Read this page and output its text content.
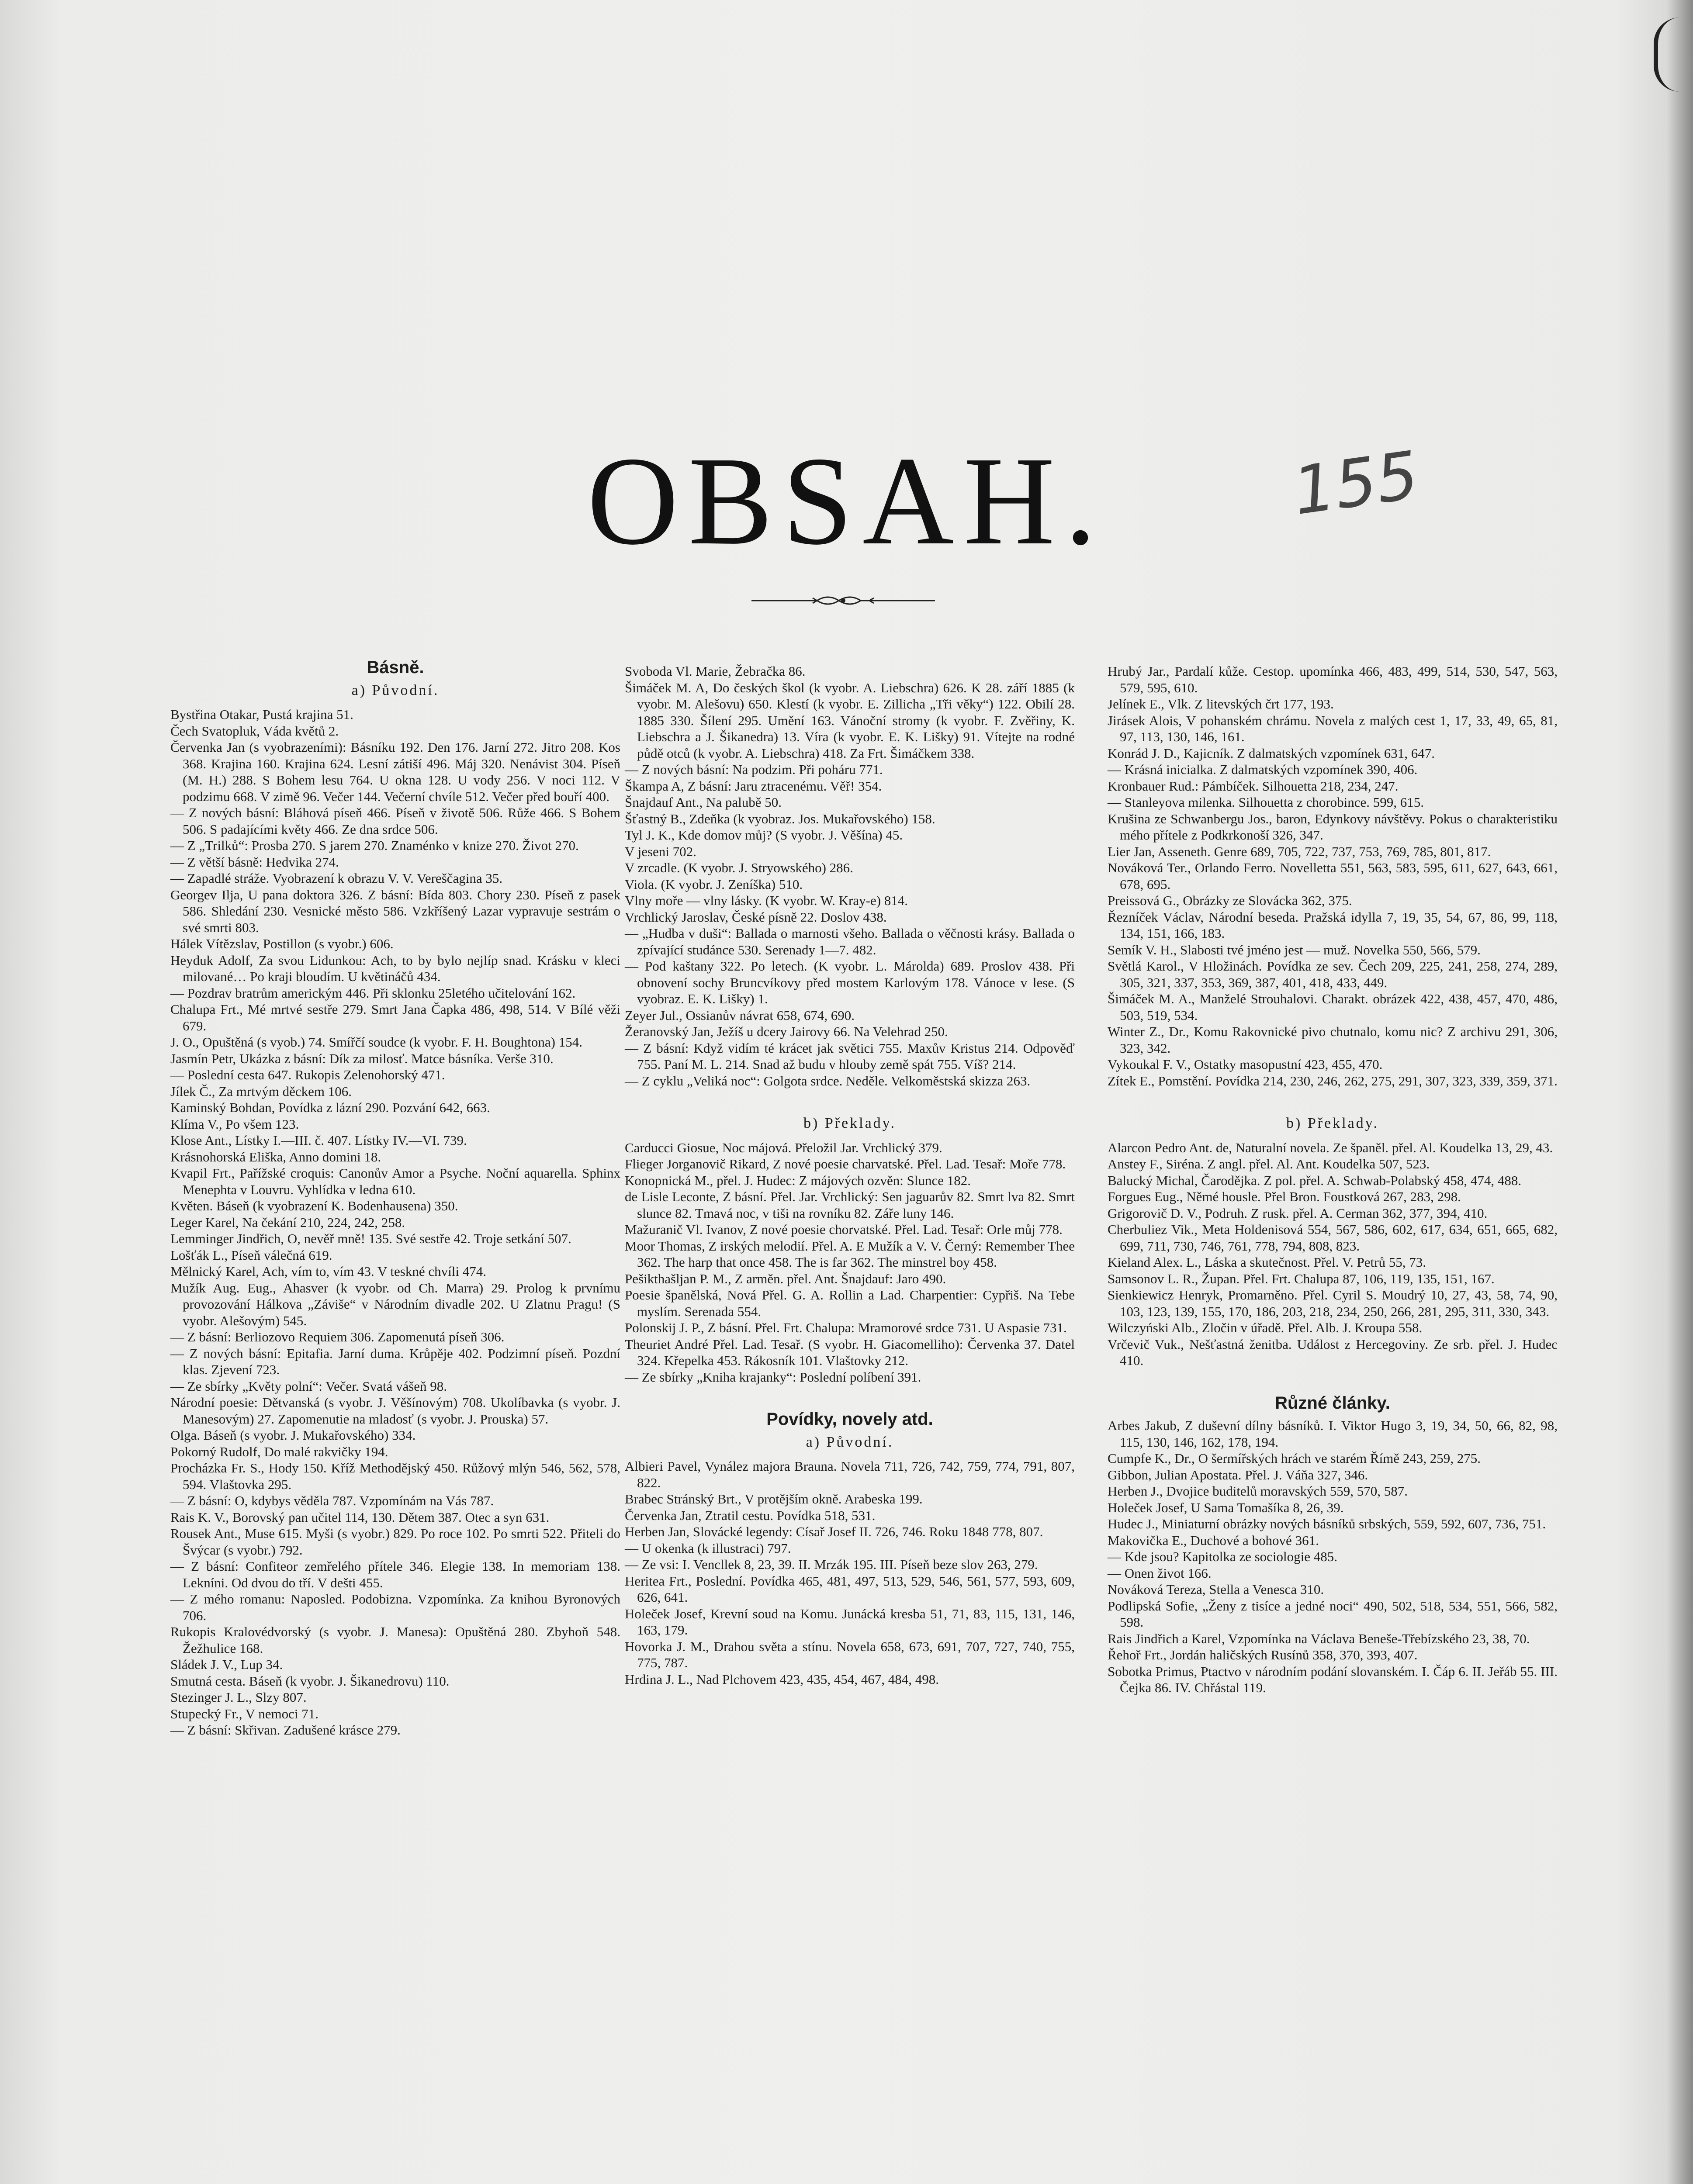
OBSAH.	155
Básně.
a) Původní.

Bystřina Otakar, Pustá krajina 51.

Čech Svatopluk, Váda květů 2.

Červenka Jan (s vyobrazeními): Básníku 192. Den 176. Jarní 272. Jitro 208. Kos 368. Krajina 160. Krajina 624. Lesní zátiší 496. Máj 320. Nenávist 304. Píseň (M. H.) 288. S Bohem lesu 764. U okna 128. U vody 256. V noci 112. V podzimu 668. V zimě 96. Večer 144. Večerní chvíle 512. Večer před bouří 400.

— Z nových básní: Bláhová píseň 466. Píseň v životě 506. Růže 466. S Bohem 506. S padajícími květy 466. Ze dna srdce 506.

— Z „Trilků“: Prosba 270. S jarem 270. Znaménko v knize 270. Život 270.

— Z větší básně: Hedvika 274.

— Zapadlé stráže. Vyobrazení k obrazu V. V. Vereščagina 35.

Georgev Ilja, U pana doktora 326. Z básní: Bída 803. Chory 230. Píseň z pasek 586. Shledání 230. Vesnické město 586. Vzkříšený Lazar vypravuje sestrám o své smrti 803.

Hálek Vítězslav, Postillon (s vyobr.) 606.

Heyduk Adolf, Za svou Lidunkou: Ach, to by bylo nejlíp snad. Krásku v kleci milované… Po kraji bloudím. U květináčů 434.

— Pozdrav bratrům americkým 446. Při sklonku 25letého učitelování 162.

Chalupa Frt., Mé mrtvé sestře 279. Smrt Jana Čapka 486, 498, 514. V Bílé věži 679.

J. O., Opuštěná (s vyob.) 74. Smířčí soudce (k vyobr. F. H. Boughtona) 154.

Jasmín Petr, Ukázka z básní: Dík za milosť. Matce básníka. Verše 310.

— Poslední cesta 647. Rukopis Zelenohorský 471.

Jílek Č., Za mrtvým děckem 106.

Kaminský Bohdan, Povídka z lázní 290. Pozvání 642, 663.

Klíma V., Po všem 123.

Klose Ant., Lístky I.—III. č. 407. Lístky IV.—VI. 739.

Krásnohorská Eliška, Anno domini 18.

Kvapil Frt., Pařížské croquis: Canonův Amor a Psyche. Noční aquarella. Sphinx Menephta v Louvru. Vyhlídka v ledna 610.

Květen. Báseň (k vyobrazení K. Bodenhausena) 350.

Leger Karel, Na čekání 210, 224, 242, 258.

Lemminger Jindřich, O, nevěř mně! 135. Své sestře 42. Troje setkání 507.

Lošťák L., Píseň válečná 619.

Mělnický Karel, Ach, vím to, vím 43. V teskné chvíli 474.

Mužík Aug. Eug., Ahasver (k vyobr. od Ch. Marra) 29. Prolog k prvnímu provozování Hálkova „Záviše“ v Národním divadle 202. U Zlatnu Pragu! (S vyobr. Alešovým) 545.

— Z básní: Berliozovo Requiem 306. Zapomenutá píseň 306.

— Z nových básní: Epitafia. Jarní duma. Krůpěje 402. Podzimní píseň. Pozdní klas. Zjevení 723.

— Ze sbírky „Květy polní“: Večer. Svatá vášeň 98.

Národní poesie: Dětvanská (s vyobr. J. Věšínovým) 708. Ukolíbavka (s vyobr. J. Manesovým) 27. Zapomenutie na mladosť (s vyobr. J. Prouska) 57.

Olga. Báseň (s vyobr. J. Mukařovského) 334.

Pokorný Rudolf, Do malé rakvičky 194.

Procházka Fr. S., Hody 150. Kříž Methodějský 450. Růžový mlýn 546, 562, 578, 594. Vlaštovka 295.

— Z básní: O, kdybys věděla 787. Vzpomínám na Vás 787.

Rais K. V., Borovský pan učitel 114, 130. Dětem 387. Otec a syn 631.

Rousek Ant., Muse 615. Myši (s vyobr.) 829. Po roce 102. Po smrti 522. Přiteli do Švýcar (s vyobr.) 792.

— Z básní: Confiteor zemřelého přítele 346. Elegie 138. In memoriam 138. Lekníni. Od dvou do tří. V dešti 455.

— Z mého romanu: Naposled. Podobizna. Vzpomínka. Za knihou Byronových 706.

Rukopis Kralovédvorský (s vyobr. J. Manesa): Opuštěná 280. Zbyhoň 548. Žežhulice 168.

Sládek J. V., Lup 34.

Smutná cesta. Báseň (k vyobr. J. Šikanedrovu) 110.

Stezinger J. L., Slzy 807.

Stupecký Fr., V nemoci 71.

— Z básní: Skřivan. Zadušené krásce 279.

Svoboda Vl. Marie, Žebračka 86.

Šimáček M. A, Do českých škol (k vyobr. A. Liebschra) 626. K 28. září 1885 (k vyobr. M. Alešovu) 650. Klestí (k vyobr. E. Zillicha „Tři věky“) 122. Obilí 28. 1885 330. Šílení 295. Umění 163. Vánoční stromy (k vyobr. F. Zvěřiny, K. Liebschra a J. Šikanedra) 13. Víra (k vyobr. E. K. Lišky) 91. Vítejte na rodné půdě otců (k vyobr. A. Liebschra) 418. Za Frt. Šimáčkem 338.

— Z nových básní: Na podzim. Při poháru 771.

Škampa A, Z básní: Jaru ztracenému. Věř! 354.

Šnajdauf Ant., Na palubě 50.

Šťastný B., Zdeňka (k vyobraz. Jos. Mukařovského) 158.

Tyl J. K., Kde domov můj? (S vyobr. J. Věšína) 45.

V jeseni 702.

V zrcadle. (K vyobr. J. Stryowského) 286.

Viola. (K vyobr. J. Zeníška) 510.

Vlny moře — vlny lásky. (K vyobr. W. Kray-e) 814.

Vrchlický Jaroslav, České písně 22. Doslov 438.

— „Hudba v duši“: Ballada o marnosti všeho. Ballada o věčnosti krásy. Ballada o zpívající studánce 530. Serenady 1—7. 482.

— Pod kaštany 322. Po letech. (K vyobr. L. Márolda) 689. Proslov 438. Při obnovení sochy Bruncvíkovy před mostem Karlovým 178. Vánoce v lese. (S vyobraz. E. K. Lišky) 1.

Zeyer Jul., Ossianův návrat 658, 674, 690.

Žeranovský Jan, Ježíš u dcery Jairovy 66. Na Velehrad 250.

— Z básní: Když vidím té krácet jak světici 755. Maxův Kristus 214. Odpověď 755. Paní M. L. 214. Snad až budu v hlouby země spát 755. Víš? 214.

— Z cyklu „Veliká noc“: Golgota srdce. Neděle. Velkoměstská skizza 263.

b) Překlady.

Carducci Giosue, Noc májová. Přeložil Jar. Vrchlický 379.

Flieger Jorganovič Rikard, Z nové poesie charvatské. Přel. Lad. Tesař: Moře 778.

Konopnická M., přel. J. Hudec: Z májových ozvěn: Slunce 182.

de Lisle Leconte, Z básní. Přel. Jar. Vrchlický: Sen jaguarův 82. Smrt lva 82. Smrt slunce 82. Tmavá noc, v tiši na rovníku 82. Záře luny 146.

Mažuranič Vl. Ivanov, Z nové poesie chorvatské. Přel. Lad. Tesař: Orle můj 778.

Moor Thomas, Z irských melodií. Přel. A. E Mužík a V. V. Černý: Remember Thee 362. The harp that once 458. The is far 362. The minstrel boy 458.

Pešikthašljan P. M., Z arměn. přel. Ant. Šnajdauf: Jaro 490.

Poesie španělská, Nová Přel. G. A. Rollin a Lad. Charpentier: Cypřiš. Na Tebe myslím. Serenada 554.

Polonskij J. P., Z básní. Přel. Frt. Chalupa: Mramorové srdce 731. U Aspasie 731.

Theuriet André Přel. Lad. Tesař. (S vyobr. H. Giacomelliho): Červenka 37. Datel 324. Křepelka 453. Rákosník 101. Vlaštovky 212.

— Ze sbírky „Kniha krajanky“: Poslední políbení 391.

Povídky, novely atd.
a) Původní.

Albieri Pavel, Vynález majora Brauna. Novela 711, 726, 742, 759, 774, 791, 807, 822.

Brabec Stránský Brt., V protějším okně. Arabeska 199.

Červenka Jan, Ztratil cestu. Povídka 518, 531.

Herben Jan, Slovácké legendy: Císař Josef II. 726, 746. Roku 1848 778, 807.

— U okenka (k illustraci) 797.

— Ze vsi: I. Vencllek 8, 23, 39. II. Mrzák 195. III. Píseň beze slov 263, 279.

Heritea Frt., Poslední. Povídka 465, 481, 497, 513, 529, 546, 561, 577, 593, 609, 626, 641.

Holeček Josef, Krevní soud na Komu. Junácká kresba 51, 71, 83, 115, 131, 146, 163, 179.

Hovorka J. M., Drahou světa a stínu. Novela 658, 673, 691, 707, 727, 740, 755, 775, 787.

Hrdina J. L., Nad Plchovem 423, 435, 454, 467, 484, 498.

Hrubý Jar., Pardalí kůže. Cestop. upomínka 466, 483, 499, 514, 530, 547, 563, 579, 595, 610.

Jelínek E., Vlk. Z litevských črt 177, 193.

Jirásek Alois, V pohanském chrámu. Novela z malých cest 1, 17, 33, 49, 65, 81, 97, 113, 130, 146, 161.

Konrád J. D., Kajicník. Z dalmatských vzpomínek 631, 647.

— Krásná inicialka. Z dalmatských vzpomínek 390, 406.

Kronbauer Rud.: Pámbíček. Silhouetta 218, 234, 247.

— Stanleyova milenka. Silhouetta z chorobince. 599, 615.

Krušina ze Schwanbergu Jos., baron, Edynkovy návštěvy. Pokus o charakteristiku mého přítele z Podkrkonoší 326, 347.

Lier Jan, Asseneth. Genre 689, 705, 722, 737, 753, 769, 785, 801, 817.

Nováková Ter., Orlando Ferro. Novelletta 551, 563, 583, 595, 611, 627, 643, 661, 678, 695.

Preissová G., Obrázky ze Slovácka 362, 375.

Řezníček Václav, Národní beseda. Pražská idylla 7, 19, 35, 54, 67, 86, 99, 118, 134, 151, 166, 183.

Semík V. H., Slabosti tvé jméno jest — muž. Novelka 550, 566, 579.

Světlá Karol., V Hložinách. Povídka ze sev. Čech 209, 225, 241, 258, 274, 289, 305, 321, 337, 353, 369, 387, 401, 418, 433, 449.

Šimáček M. A., Manželé Strouhalovi. Charakt. obrázek 422, 438, 457, 470, 486, 503, 519, 534.

Winter Z., Dr., Komu Rakovnické pivo chutnalo, komu nic? Z archivu 291, 306, 323, 342.

Vykoukal F. V., Ostatky masopustní 423, 455, 470.

Zítek E., Pomstění. Povídka 214, 230, 246, 262, 275, 291, 307, 323, 339, 359, 371.

b) Překlady.

Alarcon Pedro Ant. de, Naturalní novela. Ze španěl. přel. Al. Koudelka 13, 29, 43.

Anstey F., Siréna. Z angl. přel. Al. Ant. Koudelka 507, 523.

Balucký Michal, Čarodějka. Z pol. přel. A. Schwab-Polabský 458, 474, 488.

Forgues Eug., Němé housle. Přel Bron. Foustková 267, 283, 298.

Grigorovič D. V., Podruh. Z rusk. přel. A. Cerman 362, 377, 394, 410.

Cherbuliez Vik., Meta Holdenisová 554, 567, 586, 602, 617, 634, 651, 665, 682, 699, 711, 730, 746, 761, 778, 794, 808, 823.

Kieland Alex. L., Láska a skutečnost. Přel. V. Petrů 55, 73.

Samsonov L. R., Župan. Přel. Frt. Chalupa 87, 106, 119, 135, 151, 167.

Sienkiewicz Henryk, Promarněno. Přel. Cyril S. Moudrý 10, 27, 43, 58, 74, 90, 103, 123, 139, 155, 170, 186, 203, 218, 234, 250, 266, 281, 295, 311, 330, 343.

Wilczyński Alb., Zločin v úřadě. Přel. Alb. J. Kroupa 558.

Vrčevič Vuk., Nešťastná ženitba. Událost z Hercegoviny. Ze srb. přel. J. Hudec 410.

Různé články.

Arbes Jakub, Z duševní dílny básníků. I. Viktor Hugo 3, 19, 34, 50, 66, 82, 98, 115, 130, 146, 162, 178, 194.

Cumpfe K., Dr., O šermířských hrách ve starém Římě 243, 259, 275.

Gibbon, Julian Apostata. Přel. J. Váňa 327, 346.

Herben J., Dvojice buditelů moravských 559, 570, 587.

Holeček Josef, U Sama Tomašíka 8, 26, 39.

Hudec J., Miniaturní obrázky nových básníků srbských, 559, 592, 607, 736, 751.

Makovička E., Duchové a bohové 361.

— Kde jsou? Kapitolka ze sociologie 485.

— Onen život 166.

Nováková Tereza, Stella a Venesca 310.

Podlipská Sofie, „Ženy z tisíce a jedné noci“ 490, 502, 518, 534, 551, 566, 582, 598.

Rais Jindřich a Karel, Vzpomínka na Václava Beneše-Třebízského 23, 38, 70.

Řehoř Frt., Jordán haličských Rusínů 358, 370, 393, 407.

Sobotka Primus, Ptactvo v národním podání slovanském. I. Čáp 6. II. Jeřáb 55. III. Čejka 86. IV. Chřástal 119.
